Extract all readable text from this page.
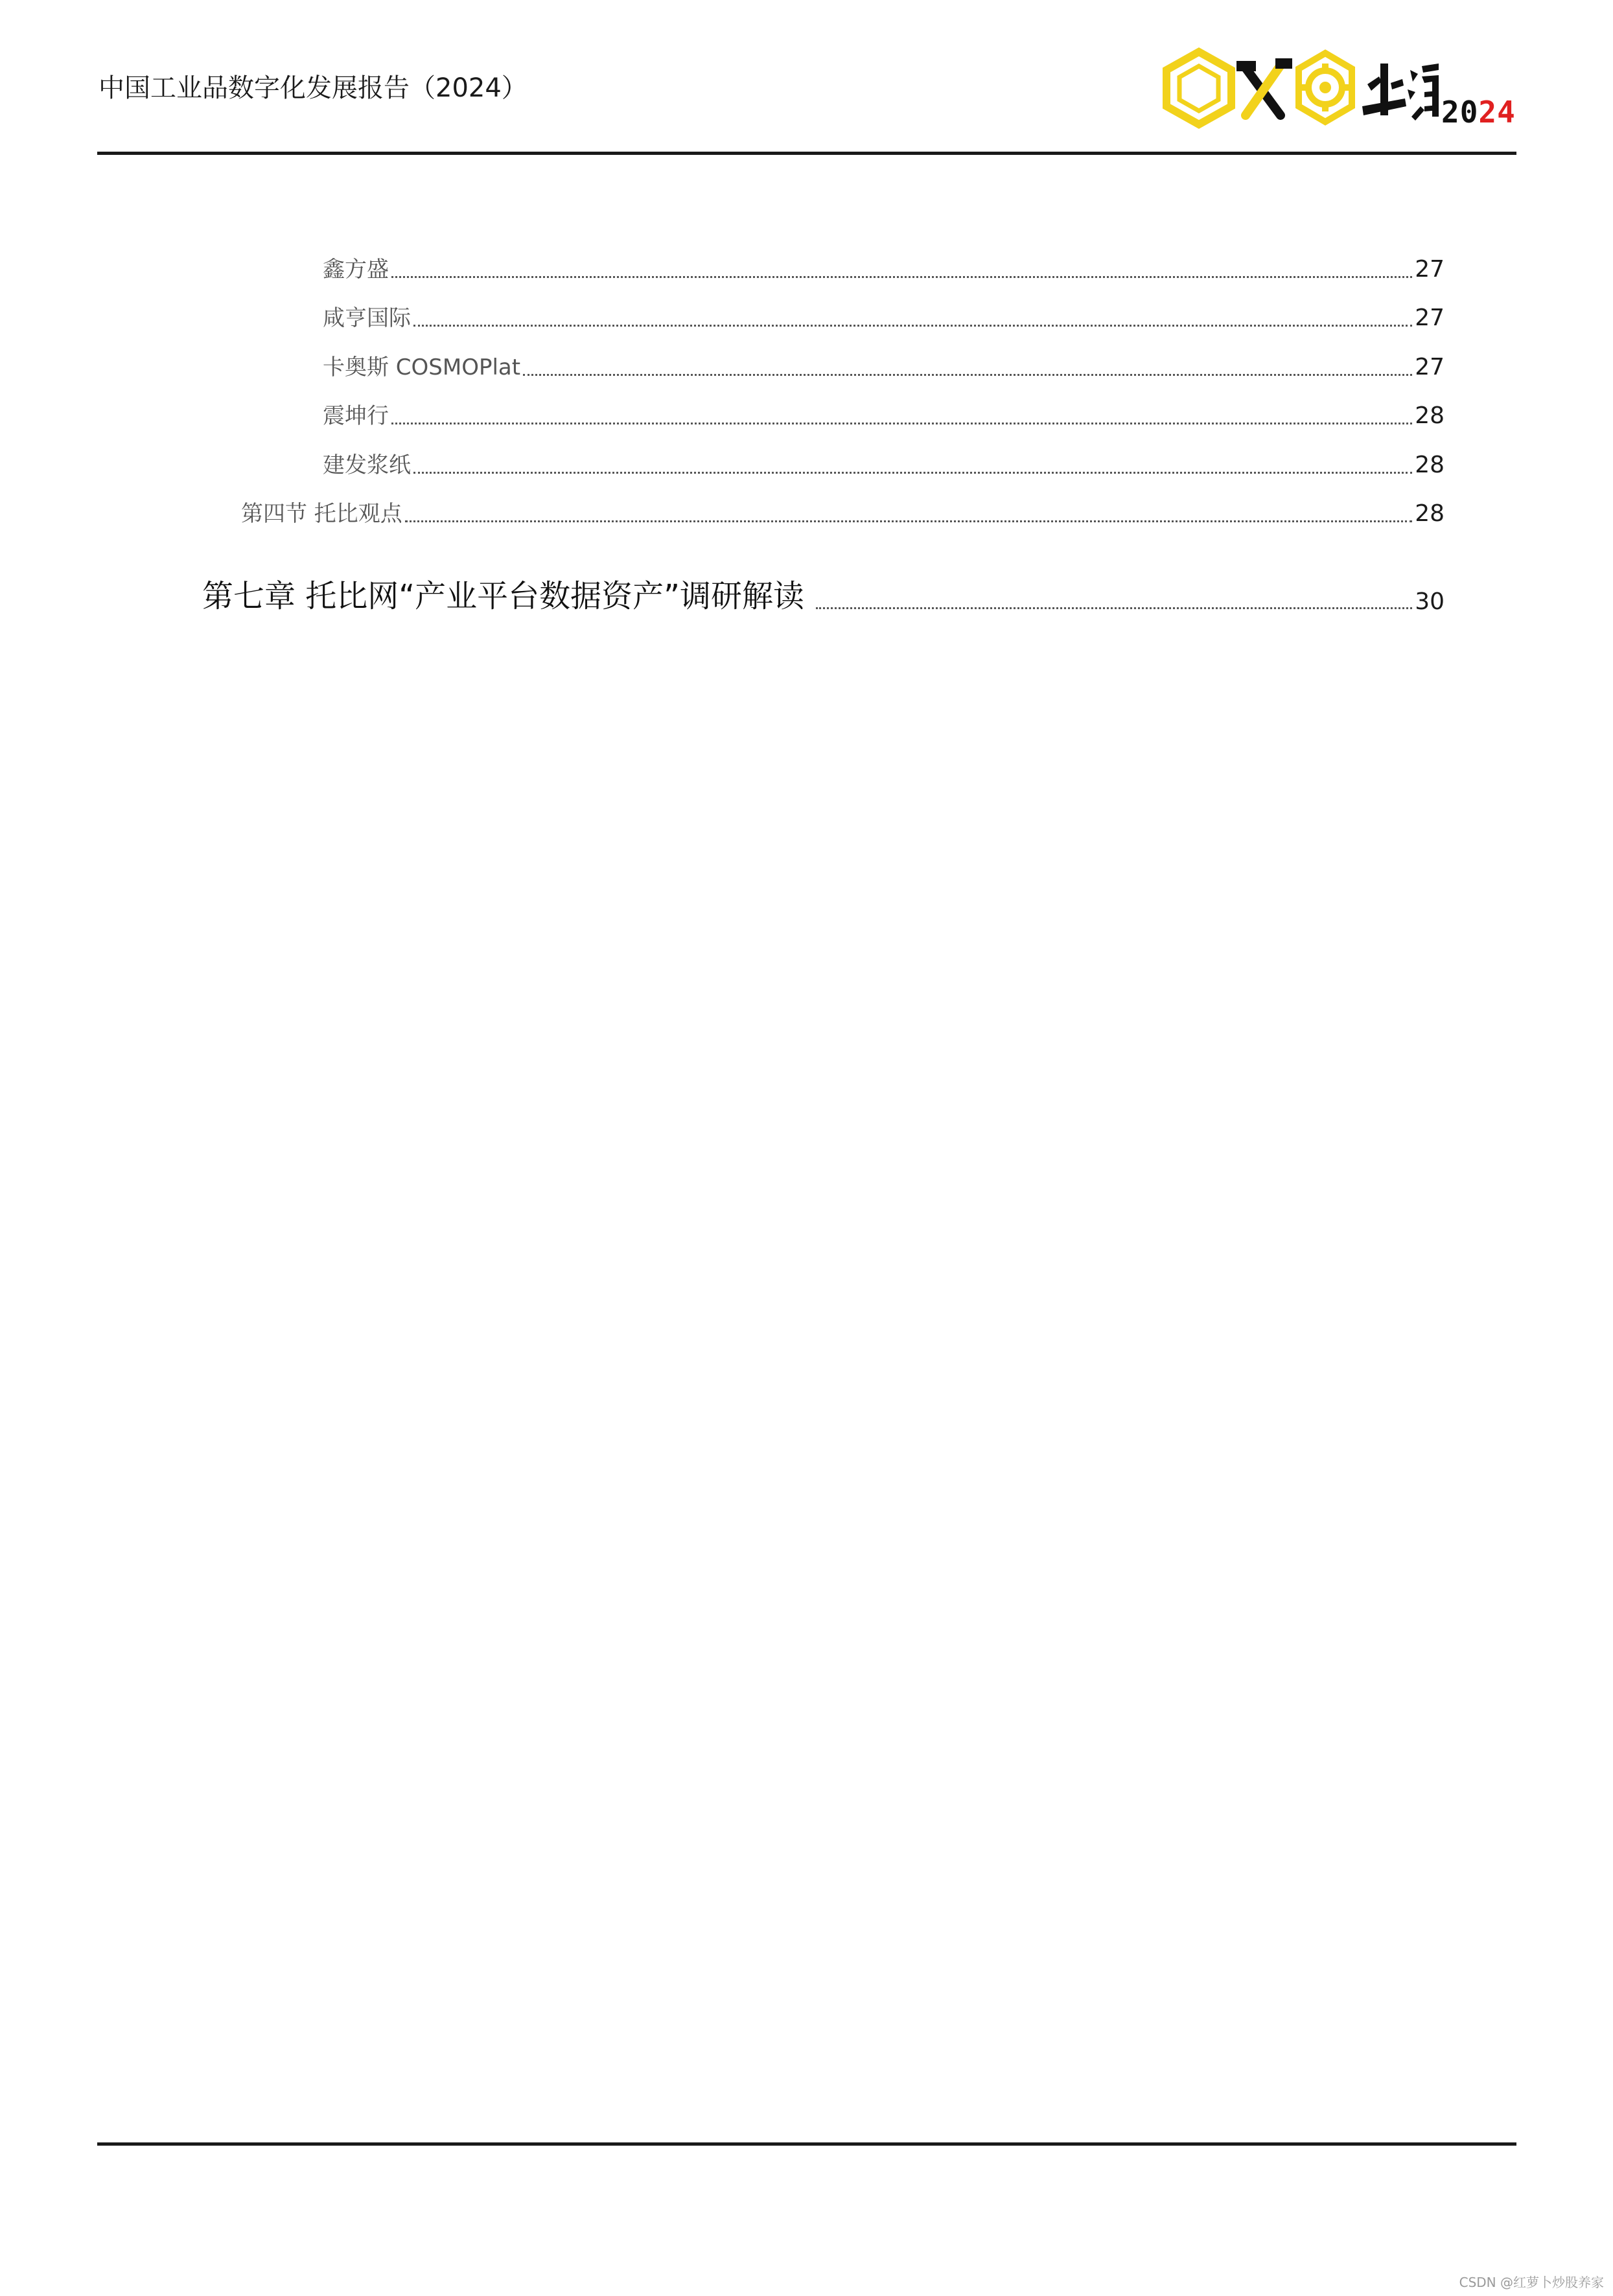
中国工业品数字化发展报告（2024）
2024
鑫方盛	27
咸亨国际	27
卡奥斯 COSMOPlat	27
震坤行	28
建发浆纸	28
第四节 托比观点	28
第七章 托比网“产业平台数据资产”调研解读	30
CSDN @红萝卜炒股养家
